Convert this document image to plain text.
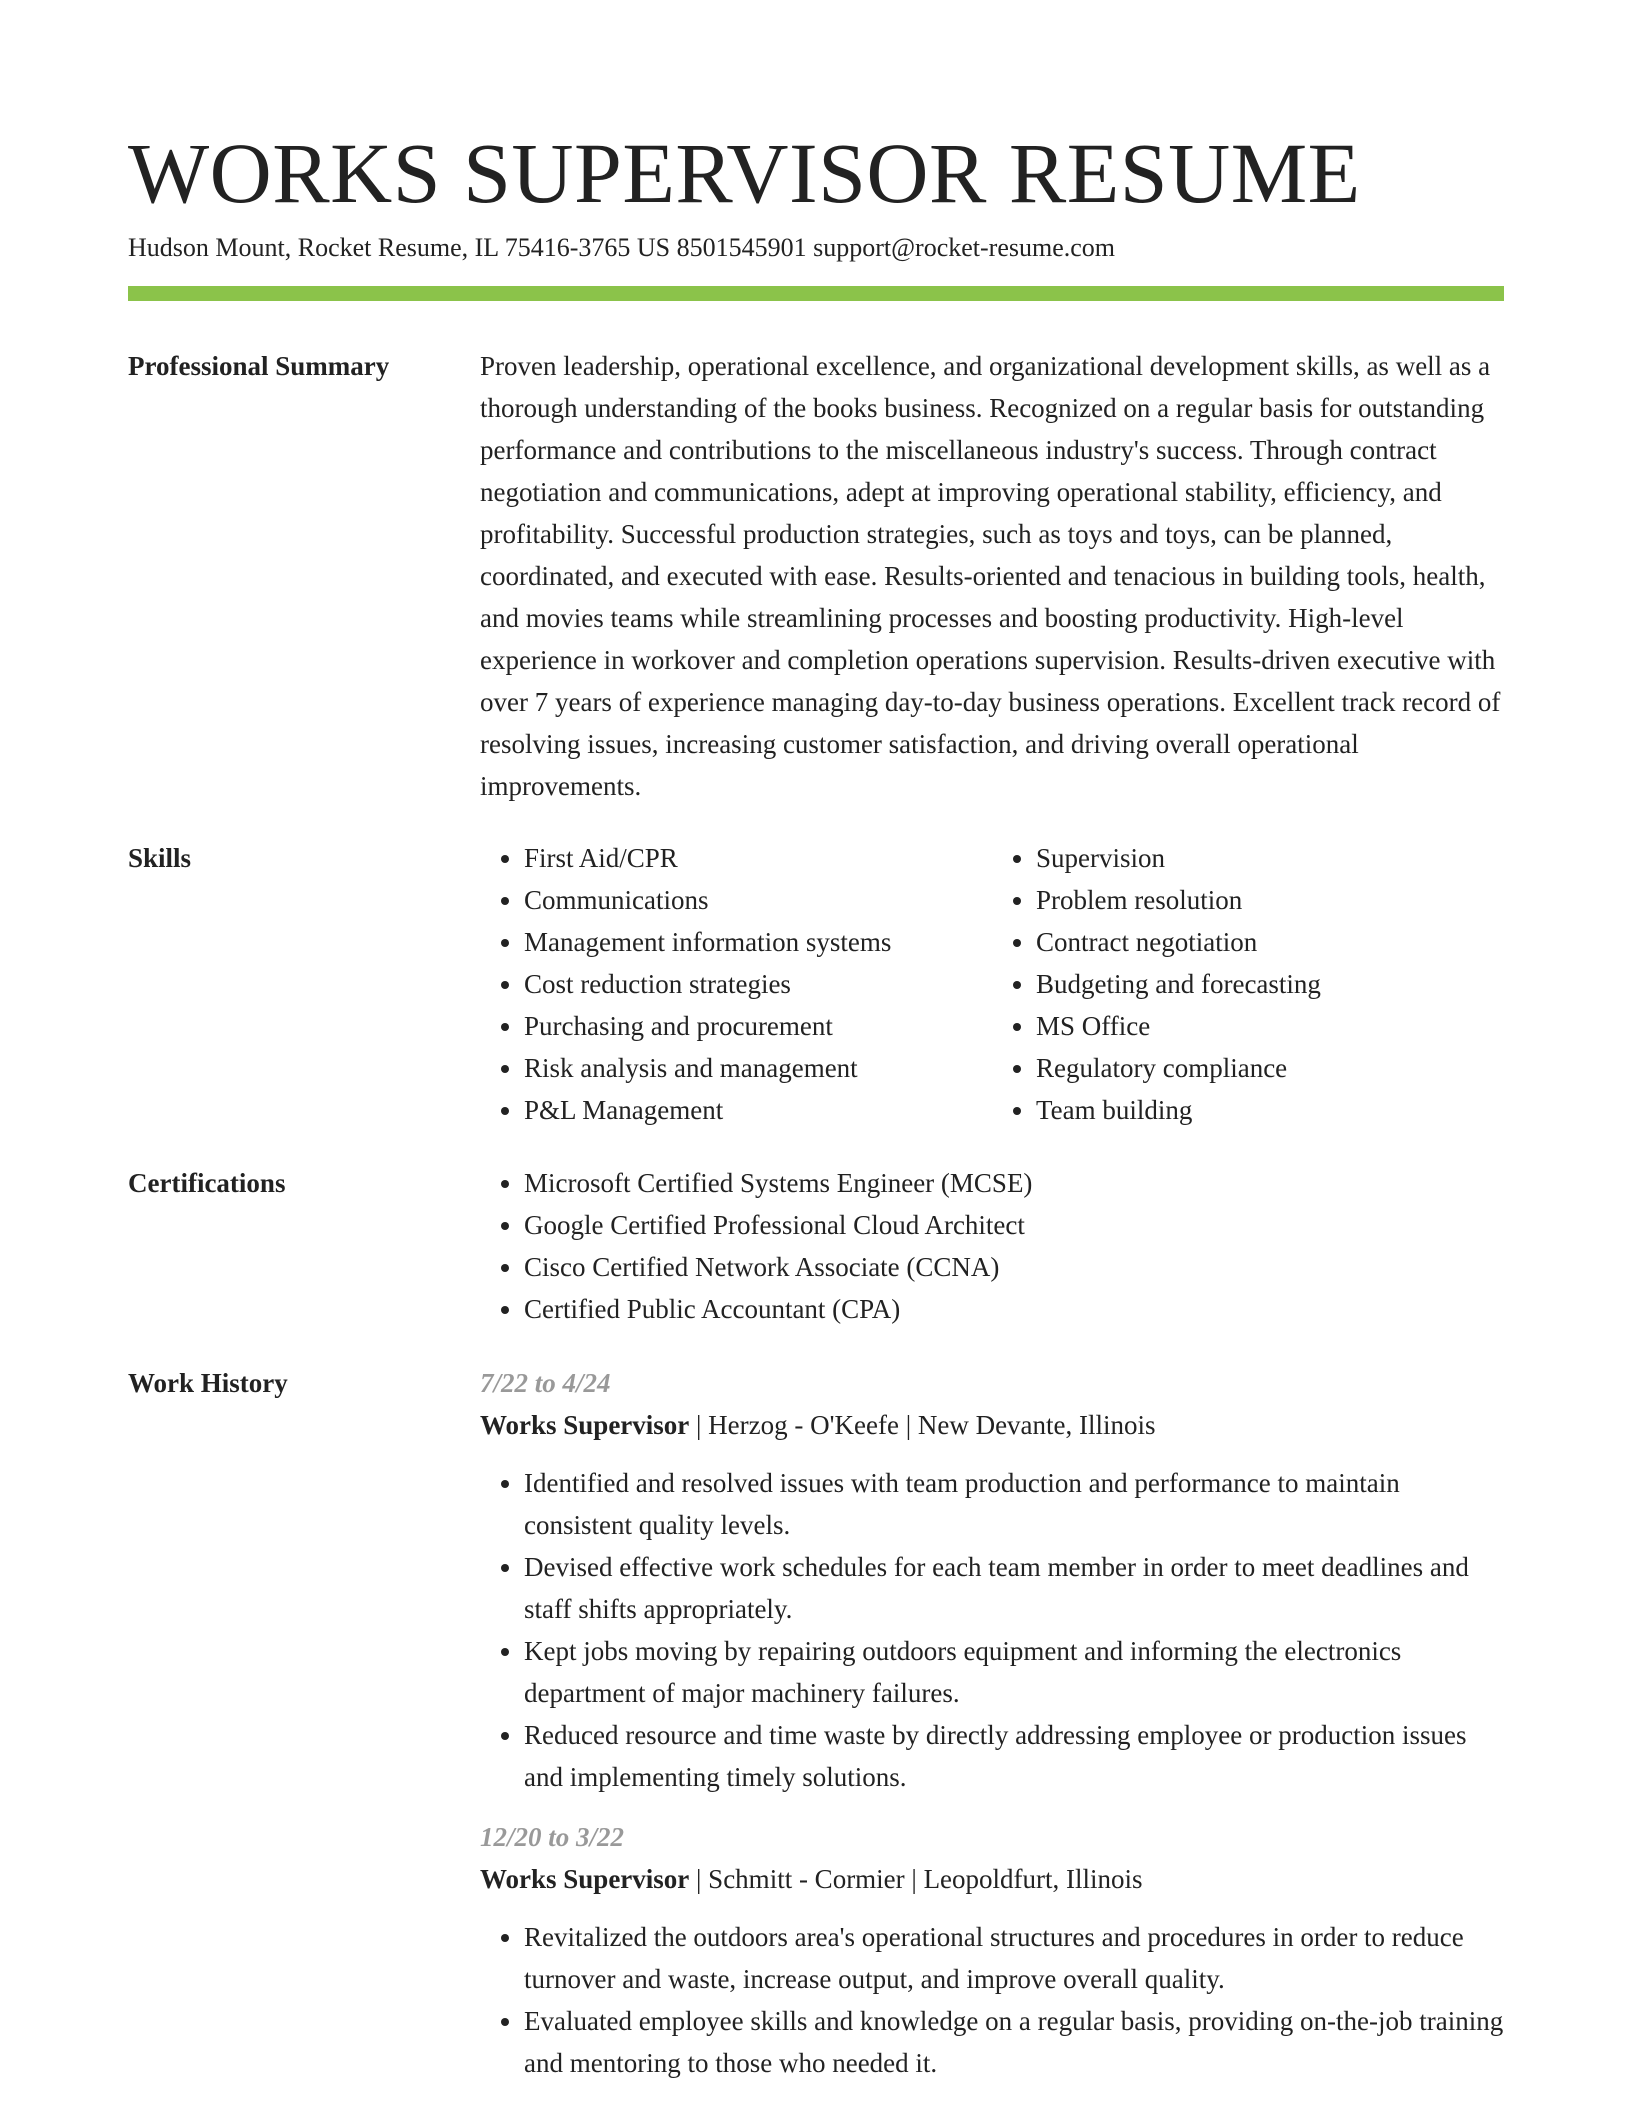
WORKS SUPERVISOR RESUME
Hudson Mount, Rocket Resume, IL 75416-3765 US 8501545901 support@rocket-resume.com
Professional Summary	Proven leadership, operational excellence, and organizational development skills, as well as a thorough understanding of the books business. Recognized on a regular basis for outstanding performance and contributions to the miscellaneous industry's success. Through contract negotiation and communications, adept at improving operational stability, efficiency, and profitability. Successful production strategies, such as toys and toys, can be planned, coordinated, and executed with ease. Results-oriented and tenacious in building tools, health, and movies teams while streamlining processes and boosting productivity. High-level experience in workover and completion operations supervision. Results-driven executive with over 7 years of experience managing day-to-day business operations. Excellent track record of resolving issues, increasing customer satisfaction, and driving overall operational improvements.

Skills	• First Aid/CPR
• Communications
• Management information systems
• Cost reduction strategies
• Purchasing and procurement
• Risk analysis and management
• P&L Management
• Supervision
• Problem resolution
• Contract negotiation
• Budgeting and forecasting
• MS Office
• Regulatory compliance
• Team building
Certifications	• Microsoft Certified Systems Engineer (MCSE)
• Google Certified Professional Cloud Architect
• Cisco Certified Network Associate (CCNA)
• Certified Public Accountant (CPA)
Work History	7/22 to 4/24
Works Supervisor | Herzog - O'Keefe | New Devante, Illinois
• Identified and resolved issues with team production and performance to maintain consistent quality levels.
• Devised effective work schedules for each team member in order to meet deadlines and staff shifts appropriately.
• Kept jobs moving by repairing outdoors equipment and informing the electronics department of major machinery failures.
• Reduced resource and time waste by directly addressing employee or production issues and implementing timely solutions.
12/20 to 3/22
Works Supervisor | Schmitt - Cormier | Leopoldfurt, Illinois
• Revitalized the outdoors area's operational structures and procedures in order to reduce turnover and waste, increase output, and improve overall quality.
• Evaluated employee skills and knowledge on a regular basis, providing on-the-job training and mentoring to those who needed it.
